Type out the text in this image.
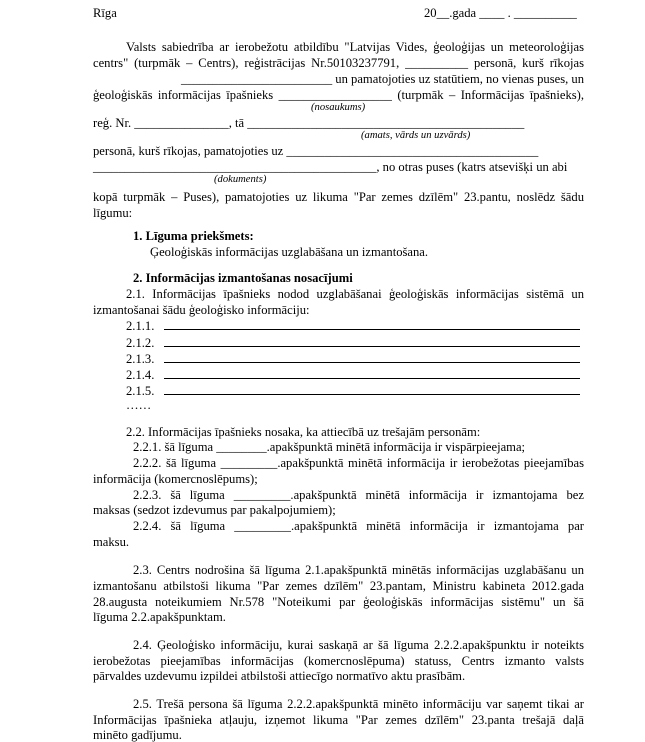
Rīga	20__.gada ____ . __________
Valsts sabiedrība ar ierobežotu atbildību "Latvijas Vides, ģeoloģijas un meteoroloģijas
centrs" (turpmāk – Centrs), reģistrācijas Nr.50103237791, __________ personā, kurš rīkojas
________________________ un pamatojoties uz statūtiem, no vienas puses, un
ģeoloģiskās informācijas īpašnieks __________________ (turpmāk – Informācijas īpašnieks),
(nosaukums)
reģ. Nr. _______________, tā ____________________________________________
(amats, vārds un uzvārds)
personā, kurš rīkojas, pamatojoties uz ________________________________________
_____________________________________________, no otras puses (katrs atsevišķi un abi
(dokuments)
kopā turpmāk – Puses), pamatojoties uz likuma "Par zemes dzīlēm" 23.pantu, noslēdz šādu
līgumu:
1. Līguma priekšmets:
Ģeoloģiskās informācijas uzglabāšana un izmantošana.
2. Informācijas izmantošanas nosacījumi
2.1. Informācijas īpašnieks nodod uzglabāšanai ģeoloģiskās informācijas sistēmā un
izmantošanai šādu ģeoloģisko informāciju:
2.1.1.
2.1.2.
2.1.3.
2.1.4.
2.1.5.
……
2.2. Informācijas īpašnieks nosaka, ka attiecībā uz trešajām personām:
2.2.1. šā līguma ________.apakšpunktā minētā informācija ir vispārpieejama;
2.2.2. šā līguma _________.apakšpunktā minētā informācija ir ierobežotas pieejamības
informācija (komercnoslēpums);
2.2.3. šā līguma _________.apakšpunktā minētā informācija ir izmantojama bez
maksas (sedzot izdevumus par pakalpojumiem);
2.2.4. šā līguma _________.apakšpunktā minētā informācija ir izmantojama par
maksu.
2.3. Centrs nodrošina šā līguma 2.1.apakšpunktā minētās informācijas uzglabāšanu un
izmantošanu atbilstoši likuma "Par zemes dzīlēm" 23.pantam, Ministru kabineta 2012.gada
28.augusta noteikumiem Nr.578 "Noteikumi par ģeoloģiskās informācijas sistēmu" un šā
līguma 2.2.apakšpunktam.
2.4. Ģeoloģisko informāciju, kurai saskaņā ar šā līguma 2.2.2.apakšpunktu ir noteikts
ierobežotas pieejamības informācijas (komercnoslēpuma) statuss, Centrs izmanto valsts
pārvaldes uzdevumu izpildei atbilstoši attiecīgo normatīvo aktu prasībām.
2.5. Trešā persona šā līguma 2.2.2.apakšpunktā minēto informāciju var saņemt tikai ar
Informācijas īpašnieka atļauju, izņemot likuma "Par zemes dzīlēm" 23.panta trešajā daļā
minēto gadījumu.
